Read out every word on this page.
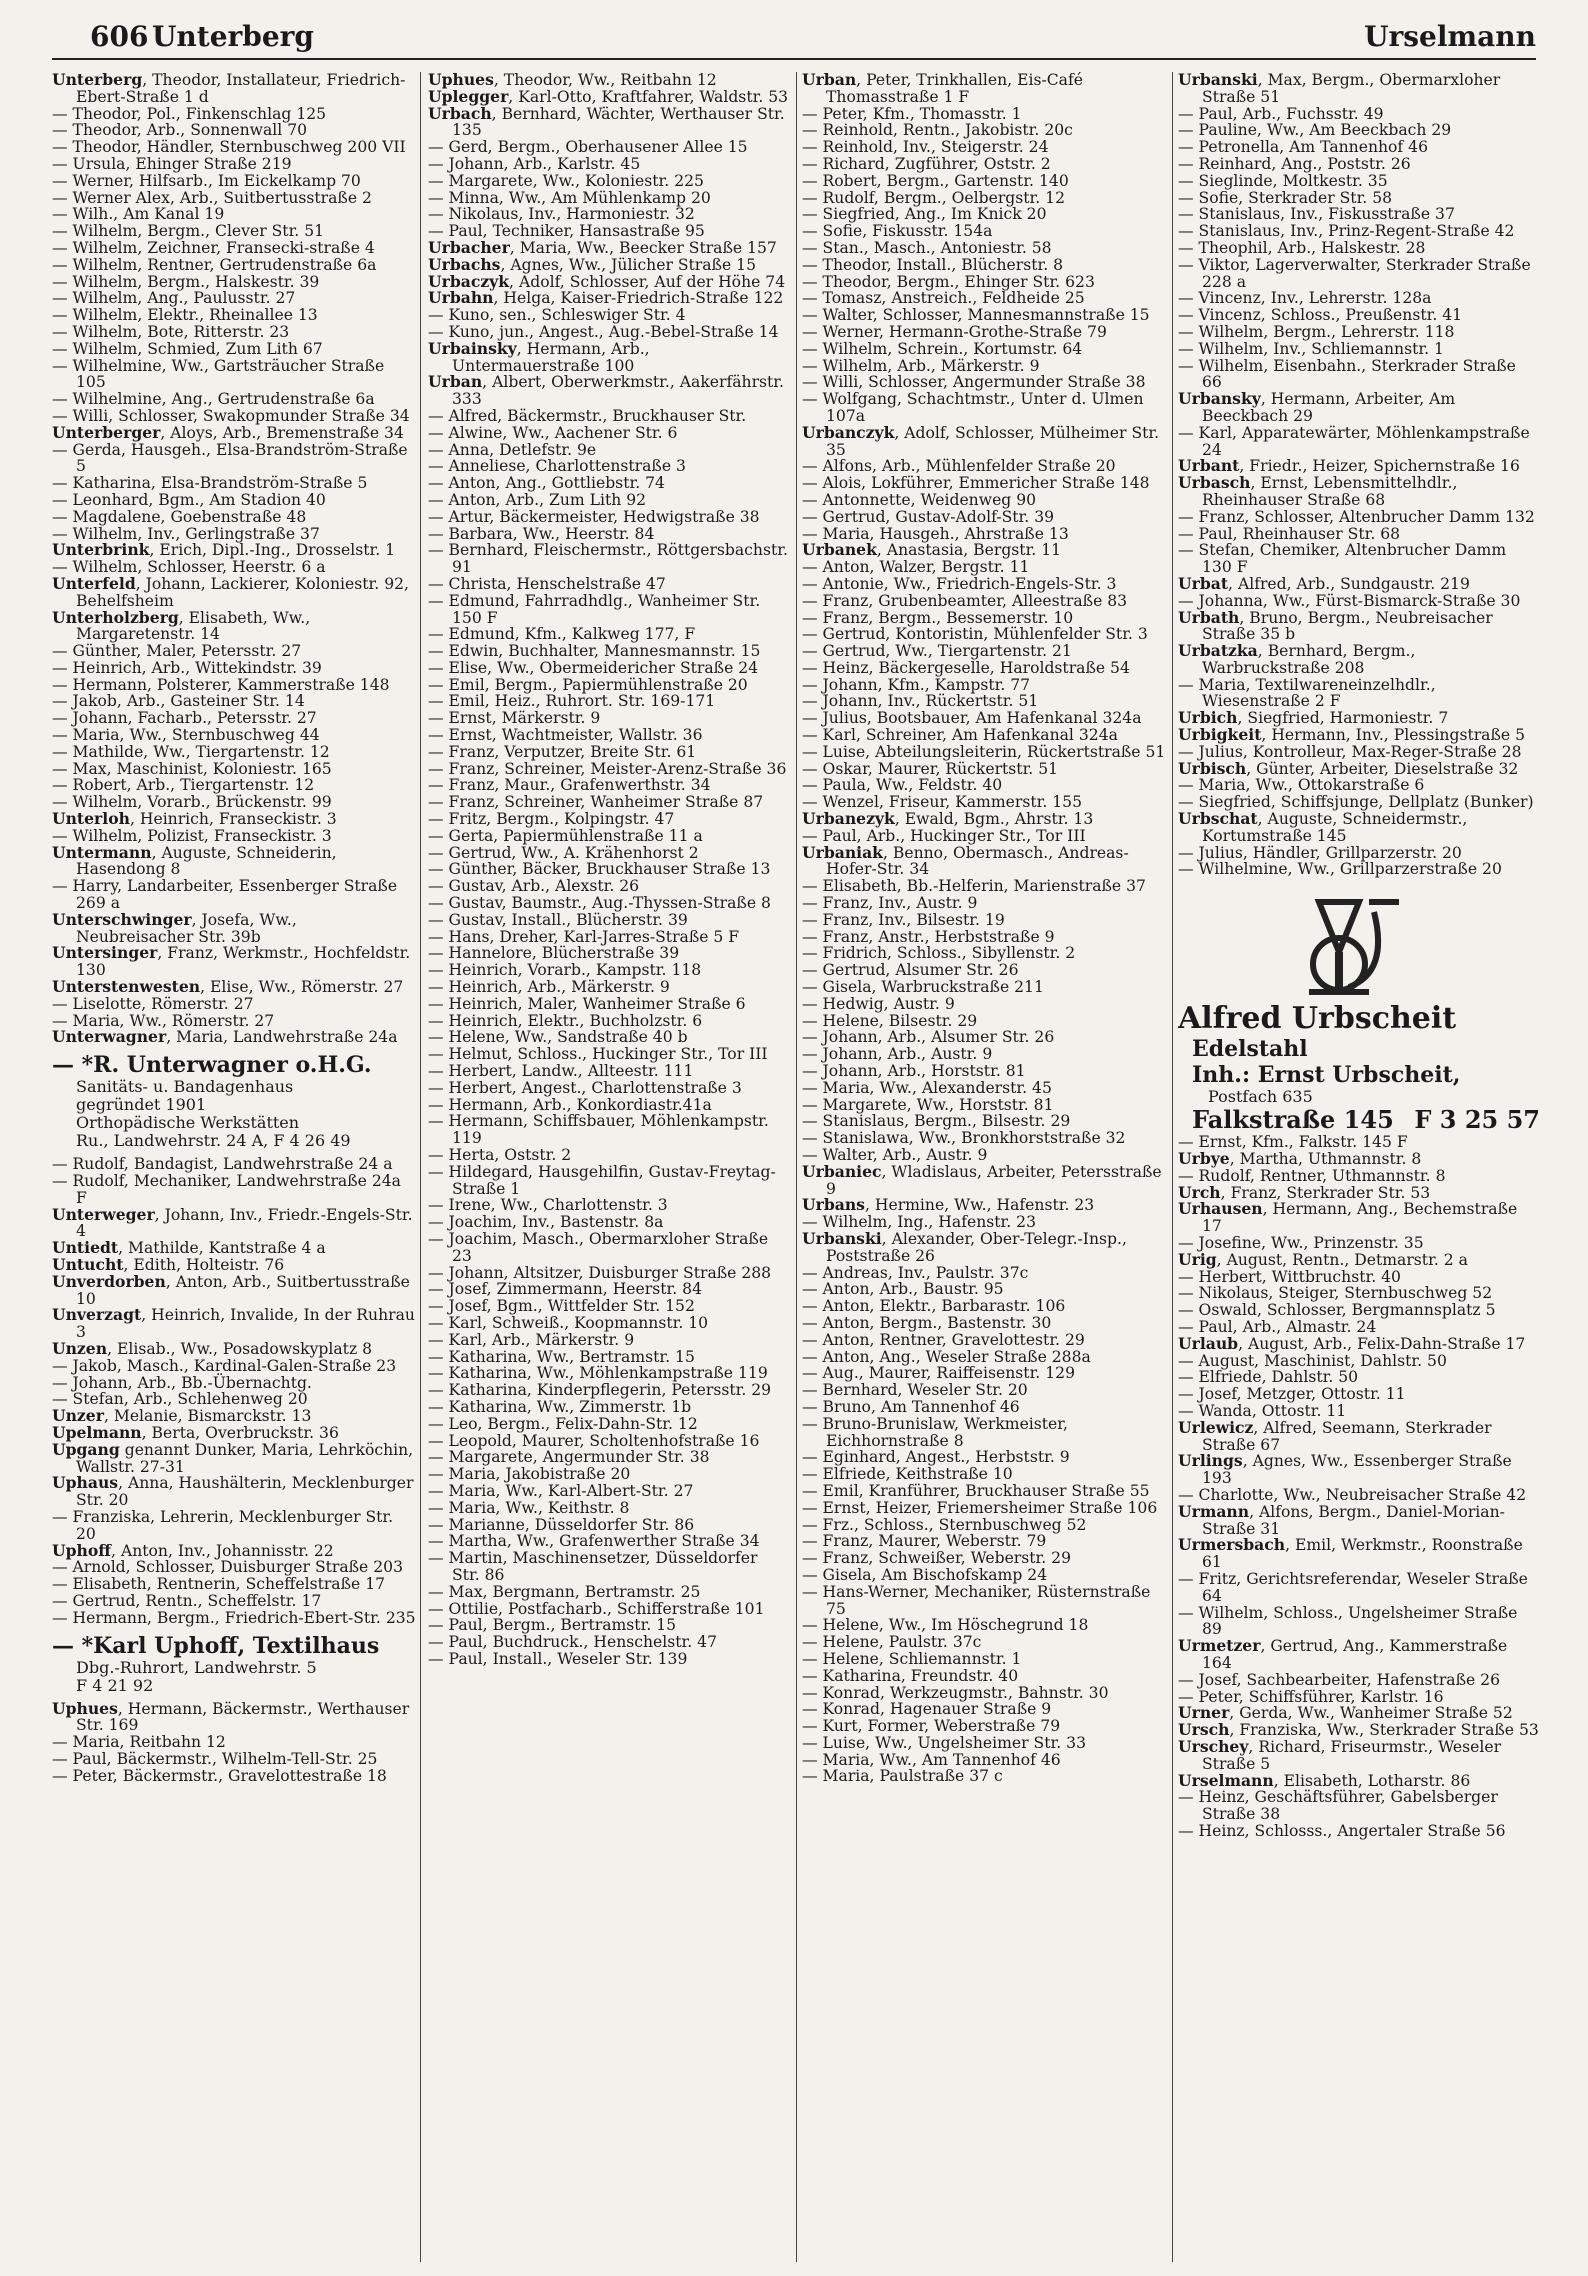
606 Unterberg	Urselmann

Unterberg, Theodor, Installateur, Friedrich-Ebert-Straße 1 d

— Theodor, Pol., Finkenschlag 125

— Theodor, Arb., Sonnenwall 70

— Theodor, Händler, Sternbuschweg 200 VII

— Ursula, Ehinger Straße 219

— Werner, Hilfsarb., Im Eickelkamp 70

— Werner Alex, Arb., Suitbertusstraße 2

— Wilh., Am Kanal 19

— Wilhelm, Bergm., Clever Str. 51

— Wilhelm, Zeichner, Fransecki-straße 4

— Wilhelm, Rentner, Gertrudenstraße 6a

— Wilhelm, Bergm., Halskestr. 39

— Wilhelm, Ang., Paulusstr. 27

— Wilhelm, Elektr., Rheinallee 13

— Wilhelm, Bote, Ritterstr. 23

— Wilhelm, Schmied, Zum Lith 67

— Wilhelmine, Ww., Gartsträucher Straße 105

— Wilhelmine, Ang., Gertrudenstraße 6a

— Willi, Schlosser, Swakopmunder Straße 34

Unterberger, Aloys, Arb., Bremenstraße 34

— Gerda, Hausgeh., Elsa-Brandström-Straße 5

— Katharina, Elsa-Brandström-Straße 5

— Leonhard, Bgm., Am Stadion 40

— Magdalene, Goebenstraße 48

— Wilhelm, Inv., Gerlingstraße 37

Unterbrink, Erich, Dipl.-Ing., Drosselstr. 1

— Wilhelm, Schlosser, Heerstr. 6 a

Unterfeld, Johann, Lackierer, Koloniestr. 92, Behelfsheim

Unterholzberg, Elisabeth, Ww., Margaretenstr. 14

— Günther, Maler, Petersstr. 27

— Heinrich, Arb., Wittekindstr. 39

— Hermann, Polsterer, Kammerstraße 148

— Jakob, Arb., Gasteiner Str. 14

— Johann, Facharb., Petersstr. 27

— Maria, Ww., Sternbuschweg 44

— Mathilde, Ww., Tiergartenstr. 12

— Max, Maschinist, Koloniestr. 165

— Robert, Arb., Tiergartenstr. 12

— Wilhelm, Vorarb., Brückenstr. 99

Unterloh, Heinrich, Franseckistr. 3

— Wilhelm, Polizist, Franseckistr. 3

Untermann, Auguste, Schneiderin, Hasendong 8

— Harry, Landarbeiter, Essenberger Straße 269 a

Unterschwinger, Josefa, Ww., Neubreisacher Str. 39b

Untersinger, Franz, Werkmstr., Hochfeldstr. 130

Unterstenwesten, Elise, Ww., Römerstr. 27

— Liselotte, Römerstr. 27

— Maria, Ww., Römerstr. 27

Unterwagner, Maria, Landwehrstraße 24a

— *R. Unterwagner o.H.G.
Sanitäts- u. Bandagenhaus
gegründet 1901
Orthopädische Werkstätten
Ru., Landwehrstr. 24 A, F 4 26 49

— Rudolf, Bandagist, Landwehrstraße 24 a

— Rudolf, Mechaniker, Landwehrstraße 24a F

Unterweger, Johann, Inv., Friedr.-Engels-Str. 4

Untiedt, Mathilde, Kantstraße 4 a

Untucht, Edith, Holteistr. 76

Unverdorben, Anton, Arb., Suitbertusstraße 10

Unverzagt, Heinrich, Invalide, In der Ruhrau 3

Unzen, Elisab., Ww., Posadowskyplatz 8

— Jakob, Masch., Kardinal-Galen-Straße 23

— Johann, Arb., Bb.-Übernachtg.

— Stefan, Arb., Schlehenweg 20

Unzer, Melanie, Bismarckstr. 13

Upelmann, Berta, Overbruckstr. 36

Upgang genannt Dunker, Maria, Lehrköchin, Wallstr. 27-31

Uphaus, Anna, Haushälterin, Mecklenburger Str. 20

— Franziska, Lehrerin, Mecklenburger Str. 20

Uphoff, Anton, Inv., Johannisstr. 22

— Arnold, Schlosser, Duisburger Straße 203

— Elisabeth, Rentnerin, Scheffelstraße 17

— Gertrud, Rentn., Scheffelstr. 17

— Hermann, Bergm., Friedrich-Ebert-Str. 235

— *Karl Uphoff, Textilhaus
Dbg.-Ruhrort, Landwehrstr. 5
F 4 21 92

Uphues, Hermann, Bäckermstr., Werthauser Str. 169

— Maria, Reitbahn 12

— Paul, Bäckermstr., Wilhelm-Tell-Str. 25

— Peter, Bäckermstr., Gravelottestraße 18

Uphues, Theodor, Ww., Reitbahn 12

Uplegger, Karl-Otto, Kraftfahrer, Waldstr. 53

Urbach, Bernhard, Wächter, Werthauser Str. 135

— Gerd, Bergm., Oberhausener Allee 15

— Johann, Arb., Karlstr. 45

— Margarete, Ww., Koloniestr. 225

— Minna, Ww., Am Mühlenkamp 20

— Nikolaus, Inv., Harmoniestr. 32

— Paul, Techniker, Hansastraße 95

Urbacher, Maria, Ww., Beecker Straße 157

Urbachs, Agnes, Ww., Jülicher Straße 15

Urbaczyk, Adolf, Schlosser, Auf der Höhe 74

Urbahn, Helga, Kaiser-Friedrich-Straße 122

— Kuno, sen., Schleswiger Str. 4

— Kuno, jun., Angest., Aug.-Bebel-Straße 14

Urbainsky, Hermann, Arb., Untermauerstraße 100

Urban, Albert, Oberwerkmstr., Aakerfährstr. 333

— Alfred, Bäckermstr., Bruckhauser Str.

— Alwine, Ww., Aachener Str. 6

— Anna, Detlefstr. 9e

— Anneliese, Charlottenstraße 3

— Anton, Ang., Gottliebstr. 74

— Anton, Arb., Zum Lith 92

— Artur, Bäckermeister, Hedwigstraße 38

— Barbara, Ww., Heerstr. 84

— Bernhard, Fleischermstr., Röttgersbachstr. 91

— Christa, Henschelstraße 47

— Edmund, Fahrradhdlg., Wanheimer Str. 150 F

— Edmund, Kfm., Kalkweg 177, F

— Edwin, Buchhalter, Mannesmannstr. 15

— Elise, Ww., Obermeidericher Straße 24

— Emil, Bergm., Papiermühlenstraße 20

— Emil, Heiz., Ruhrort. Str. 169-171

— Ernst, Märkerstr. 9

— Ernst, Wachtmeister, Wallstr. 36

— Franz, Verputzer, Breite Str. 61

— Franz, Schreiner, Meister-Arenz-Straße 36

— Franz, Maur., Grafenwerthstr. 34

— Franz, Schreiner, Wanheimer Straße 87

— Fritz, Bergm., Kolpingstr. 47

— Gerta, Papiermühlenstraße 11 a

— Gertrud, Ww., A. Krähenhorst 2

— Günther, Bäcker, Bruckhauser Straße 13

— Gustav, Arb., Alexstr. 26

— Gustav, Baumstr., Aug.-Thyssen-Straße 8

— Gustav, Install., Blücherstr. 39

— Hans, Dreher, Karl-Jarres-Straße 5 F

— Hannelore, Blücherstraße 39

— Heinrich, Vorarb., Kampstr. 118

— Heinrich, Arb., Märkerstr. 9

— Heinrich, Maler, Wanheimer Straße 6

— Heinrich, Elektr., Buchholzstr. 6

— Helene, Ww., Sandstraße 40 b

— Helmut, Schloss., Huckinger Str., Tor III

— Herbert, Landw., Allteestr. 111

— Herbert, Angest., Charlottenstraße 3

— Hermann, Arb., Konkordiastr.41a

— Hermann, Schiffsbauer, Möhlenkampstr. 119

— Herta, Oststr. 2

— Hildegard, Hausgehilfin, Gustav-Freytag-Straße 1

— Irene, Ww., Charlottenstr. 3

— Joachim, Inv., Bastenstr. 8a

— Joachim, Masch., Obermarxloher Straße 23

— Johann, Altsitzer, Duisburger Straße 288

— Josef, Zimmermann, Heerstr. 84

— Josef, Bgm., Wittfelder Str. 152

— Karl, Schweiß., Koopmannstr. 10

— Karl, Arb., Märkerstr. 9

— Katharina, Ww., Bertramstr. 15

— Katharina, Ww., Möhlenkampstraße 119

— Katharina, Kinderpflegerin, Petersstr. 29

— Katharina, Ww., Zimmerstr. 1b

— Leo, Bergm., Felix-Dahn-Str. 12

— Leopold, Maurer, Scholtenhofstraße 16

— Margarete, Angermunder Str. 38

— Maria, Jakobistraße 20

— Maria, Ww., Karl-Albert-Str. 27

— Maria, Ww., Keithstr. 8

— Marianne, Düsseldorfer Str. 86

— Martha, Ww., Grafenwerther Straße 34

— Martin, Maschinensetzer, Düsseldorfer Str. 86

— Max, Bergmann, Bertramstr. 25

— Ottilie, Postfacharb., Schifferstraße 101

— Paul, Bergm., Bertramstr. 15

— Paul, Buchdruck., Henschelstr. 47

— Paul, Install., Weseler Str. 139

Urban, Peter, Trinkhallen, Eis-Café Thomasstraße 1 F

— Peter, Kfm., Thomasstr. 1

— Reinhold, Rentn., Jakobistr. 20c

— Reinhold, Inv., Steigerstr. 24

— Richard, Zugführer, Oststr. 2

— Robert, Bergm., Gartenstr. 140

— Rudolf, Bergm., Oelbergstr. 12

— Siegfried, Ang., Im Knick 20

— Sofie, Fiskusstr. 154a

— Stan., Masch., Antoniestr. 58

— Theodor, Install., Blücherstr. 8

— Theodor, Bergm., Ehinger Str. 623

— Tomasz, Anstreich., Feldheide 25

— Walter, Schlosser, Mannesmannstraße 15

— Werner, Hermann-Grothe-Straße 79

— Wilhelm, Schrein., Kortumstr. 64

— Wilhelm, Arb., Märkerstr. 9

— Willi, Schlosser, Angermunder Straße 38

— Wolfgang, Schachtmstr., Unter d. Ulmen 107a

Urbanczyk, Adolf, Schlosser, Mülheimer Str. 35

— Alfons, Arb., Mühlenfelder Straße 20

— Alois, Lokführer, Emmericher Straße 148

— Antonnette, Weidenweg 90

— Gertrud, Gustav-Adolf-Str. 39

— Maria, Hausgeh., Ahrstraße 13

Urbanek, Anastasia, Bergstr. 11

— Anton, Walzer, Bergstr. 11

— Antonie, Ww., Friedrich-Engels-Str. 3

— Franz, Grubenbeamter, Alleestraße 83

— Franz, Bergm., Bessemerstr. 10

— Gertrud, Kontoristin, Mühlenfelder Str. 3

— Gertrud, Ww., Tiergartenstr. 21

— Heinz, Bäckergeselle, Haroldstraße 54

— Johann, Kfm., Kampstr. 77

— Johann, Inv., Rückertstr. 51

— Julius, Bootsbauer, Am Hafenkanal 324a

— Karl, Schreiner, Am Hafenkanal 324a

— Luise, Abteilungsleiterin, Rückertstraße 51

— Oskar, Maurer, Rückertstr. 51

— Paula, Ww., Feldstr. 40

— Wenzel, Friseur, Kammerstr. 155

Urbanezyk, Ewald, Bgm., Ahrstr. 13

— Paul, Arb., Huckinger Str., Tor III

Urbaniak, Benno, Obermasch., Andreas-Hofer-Str. 34

— Elisabeth, Bb.-Helferin, Marienstraße 37

— Franz, Inv., Austr. 9

— Franz, Inv., Bilsestr. 19

— Franz, Anstr., Herbststraße 9

— Fridrich, Schloss., Sibyllenstr. 2

— Gertrud, Alsumer Str. 26

— Gisela, Warbruckstraße 211

— Hedwig, Austr. 9

— Helene, Bilsestr. 29

— Johann, Arb., Alsumer Str. 26

— Johann, Arb., Austr. 9

— Johann, Arb., Horststr. 81

— Maria, Ww., Alexanderstr. 45

— Margarete, Ww., Horststr. 81

— Stanislaus, Bergm., Bilsestr. 29

— Stanislawa, Ww., Bronkhorststraße 32

— Walter, Arb., Austr. 9

Urbaniec, Wladislaus, Arbeiter, Petersstraße 9

Urbans, Hermine, Ww., Hafenstr. 23

— Wilhelm, Ing., Hafenstr. 23

Urbanski, Alexander, Ober-Telegr.-Insp., Poststraße 26

— Andreas, Inv., Paulstr. 37c

— Anton, Arb., Baustr. 95

— Anton, Elektr., Barbarastr. 106

— Anton, Bergm., Bastenstr. 30

— Anton, Rentner, Gravelottestr. 29

— Anton, Ang., Weseler Straße 288a

— Aug., Maurer, Raiffeisenstr. 129

— Bernhard, Weseler Str. 20

— Bruno, Am Tannenhof 46

— Bruno-Brunislaw, Werkmeister, Eichhornstraße 8

— Eginhard, Angest., Herbststr. 9

— Elfriede, Keithstraße 10

— Emil, Kranführer, Bruckhauser Straße 55

— Ernst, Heizer, Friemersheimer Straße 106

— Frz., Schloss., Sternbuschweg 52

— Franz, Maurer, Weberstr. 79

— Franz, Schweißer, Weberstr. 29

— Gisela, Am Bischofskamp 24

— Hans-Werner, Mechaniker, Rüsternstraße 75

— Helene, Ww., Im Höschegrund 18

— Helene, Paulstr. 37c

— Helene, Schliemannstr. 1

— Katharina, Freundstr. 40

— Konrad, Werkzeugmstr., Bahnstr. 30

— Konrad, Hagenauer Straße 9

— Kurt, Former, Weberstraße 79

— Luise, Ww., Ungelsheimer Str. 33

— Maria, Ww., Am Tannenhof 46

— Maria, Paulstraße 37 c

Urbanski, Max, Bergm., Obermarxloher Straße 51

— Paul, Arb., Fuchsstr. 49

— Pauline, Ww., Am Beeckbach 29

— Petronella, Am Tannenhof 46

— Reinhard, Ang., Poststr. 26

— Sieglinde, Moltkestr. 35

— Sofie, Sterkrader Str. 58

— Stanislaus, Inv., Fiskusstraße 37

— Stanislaus, Inv., Prinz-Regent-Straße 42

— Theophil, Arb., Halskestr. 28

— Viktor, Lagerverwalter, Sterkrader Straße 228 a

— Vincenz, Inv., Lehrerstr. 128a

— Vincenz, Schloss., Preußenstr. 41

— Wilhelm, Bergm., Lehrerstr. 118

— Wilhelm, Inv., Schliemannstr. 1

— Wilhelm, Eisenbahn., Sterkrader Straße 66

Urbansky, Hermann, Arbeiter, Am Beeckbach 29

— Karl, Apparatewärter, Möhlenkampstraße 24

Urbant, Friedr., Heizer, Spichernstraße 16

Urbasch, Ernst, Lebensmittelhdlr., Rheinhauser Straße 68

— Franz, Schlosser, Altenbrucher Damm 132

— Paul, Rheinhauser Str. 68

— Stefan, Chemiker, Altenbrucher Damm 130 F

Urbat, Alfred, Arb., Sundgaustr. 219

— Johanna, Ww., Fürst-Bismarck-Straße 30

Urbath, Bruno, Bergm., Neubreisacher Straße 35 b

Urbatzka, Bernhard, Bergm., Warbruckstraße 208

— Maria, Textilwareneinzelhdlr., Wiesenstraße 2 F

Urbich, Siegfried, Harmoniestr. 7

Urbigkeit, Hermann, Inv., Plessingstraße 5

— Julius, Kontrolleur, Max-Reger-Straße 28

Urbisch, Günter, Arbeiter, Dieselstraße 32

— Maria, Ww., Ottokarstraße 6

— Siegfried, Schiffsjunge, Dellplatz (Bunker)

Urbschat, Auguste, Schneidermstr., Kortumstraße 145

— Julius, Händler, Grillparzerstr. 20

— Wilhelmine, Ww., Grillparzerstraße 20

Alfred Urbscheit
Edelstahl
Inh.: Ernst Urbscheit,
Postfach 635
Falkstraße 145 F 3 25 57

— Ernst, Kfm., Falkstr. 145 F

Urbye, Martha, Uthmannstr. 8

— Rudolf, Rentner, Uthmannstr. 8

Urch, Franz, Sterkrader Str. 53

Urhausen, Hermann, Ang., Bechemstraße 17

— Josefine, Ww., Prinzenstr. 35

Urig, August, Rentn., Detmarstr. 2 a

— Herbert, Wittbruchstr. 40

— Nikolaus, Steiger, Sternbuschweg 52

— Oswald, Schlosser, Bergmannsplatz 5

— Paul, Arb., Almastr. 24

Urlaub, August, Arb., Felix-Dahn-Straße 17

— August, Maschinist, Dahlstr. 50

— Elfriede, Dahlstr. 50

— Josef, Metzger, Ottostr. 11

— Wanda, Ottostr. 11

Urlewicz, Alfred, Seemann, Sterkrader Straße 67

Urlings, Agnes, Ww., Essenberger Straße 193

— Charlotte, Ww., Neubreisacher Straße 42

Urmann, Alfons, Bergm., Daniel-Morian-Straße 31

Urmersbach, Emil, Werkmstr., Roonstraße 61

— Fritz, Gerichtsreferendar, Weseler Straße 64

— Wilhelm, Schloss., Ungelsheimer Straße 89

Urmetzer, Gertrud, Ang., Kammerstraße 164

— Josef, Sachbearbeiter, Hafenstraße 26

— Peter, Schiffsführer, Karlstr. 16

Urner, Gerda, Ww., Wanheimer Straße 52

Ursch, Franziska, Ww., Sterkrader Straße 53

Urschey, Richard, Friseurmstr., Weseler Straße 5

Urselmann, Elisabeth, Lotharstr. 86

— Heinz, Geschäftsführer, Gabelsberger Straße 38

— Heinz, Schlosss., Angertaler Straße 56
